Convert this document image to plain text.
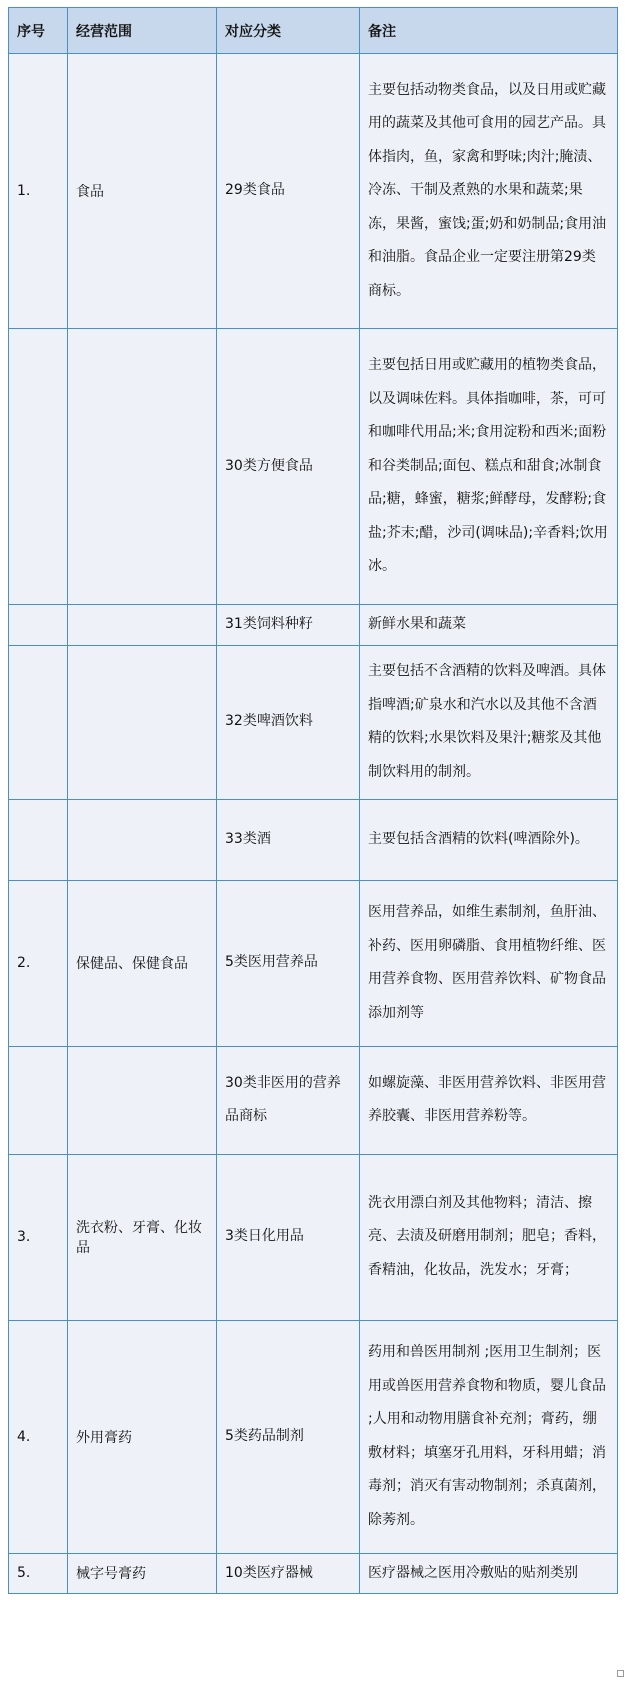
序号	经营范围	对应分类	备注
1.	食品	29类食品	主要包括动物类食品，以及日用或贮藏用的蔬菜及其他可食用的园艺产品。具体指肉，鱼，家禽和野味;肉汁;腌渍、冷冻、干制及煮熟的水果和蔬菜;果冻，果酱，蜜饯;蛋;奶和奶制品;食用油和油脂。食品企业一定要注册第29类商标。
		30类方便食品	主要包括日用或贮藏用的植物类食品，以及调味佐料。具体指咖啡，茶，可可和咖啡代用品;米;食用淀粉和西米;面粉和谷类制品;面包、糕点和甜食;冰制食品;糖，蜂蜜，糖浆;鲜酵母，发酵粉;食盐;芥末;醋，沙司(调味品);辛香料;饮用冰。
		31类饲料种籽	新鲜水果和蔬菜
		32类啤酒饮料	主要包括不含酒精的饮料及啤酒。具体指啤酒;矿泉水和汽水以及其他不含酒精的饮料;水果饮料及果汁;糖浆及其他制饮料用的制剂。
		33类酒	主要包括含酒精的饮料(啤酒除外)。
2.	保健品、保健食品	5类医用营养品	医用营养品，如维生素制剂，鱼肝油、补药、医用卵磷脂、食用植物纤维、医用营养食物、医用营养饮料、矿物食品添加剂等
		30类非医用的营养品商标	如螺旋藻、非医用营养饮料、非医用营养胶囊、非医用营养粉等。
3.	洗衣粉、牙膏、化妆品	3类日化用品	洗衣用漂白剂及其他物料；清洁、擦亮、去渍及研磨用制剂；肥皂；香料，香精油，化妆品，洗发水；牙膏；
4.	外用膏药	5类药品制剂	药用和兽医用制剂 ;医用卫生制剂；医用或兽医用营养食物和物质，婴儿食品 ;人用和动物用膳食补充剂；膏药，绷敷材料；填塞牙孔用料，牙科用蜡；消毒剂；消灭有害动物制剂；杀真菌剂，除莠剂。
5.	械字号膏药	10类医疗器械	医疗器械之医用冷敷贴的贴剂类别
